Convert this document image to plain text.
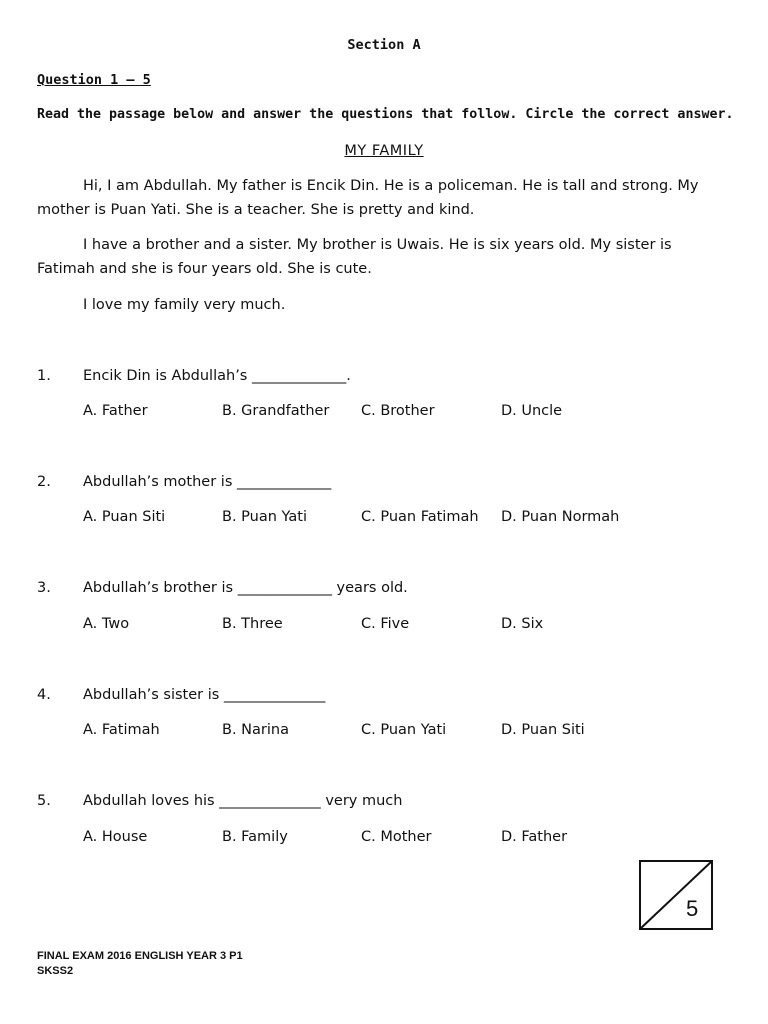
Section A
Question 1 – 5
Read the passage below and answer the questions that follow. Circle the correct answer.
MY FAMILY
Hi, I am Abdullah. My father is Encik Din. He is a policeman. He is tall and strong. My mother is Puan Yati. She is a teacher. She is pretty and kind.
I have a brother and a sister. My brother is Uwais. He is six years old. My sister is Fatimah and she is four years old. She is cute.
I love my family very much.
1. Encik Din is Abdullah’s _____________.
A. Father	B. Grandfather C. Brother	D. Uncle
2. Abdullah’s mother is _____________
A. Puan Siti	B. Puan Yati	C. Puan Fatimah D. Puan Normah
3. Abdullah’s brother is _____________ years old.
A. Two	B. Three	C. Five	D. Six
4. Abdullah’s sister is ______________
A. Fatimah	B. Narina	C. Puan Yati	D. Puan Siti
5. Abdullah loves his ______________ very much
A. House	B. Family	C. Mother	D. Father
5
FINAL EXAM 2016 ENGLISH YEAR 3 P1
SKSS2
